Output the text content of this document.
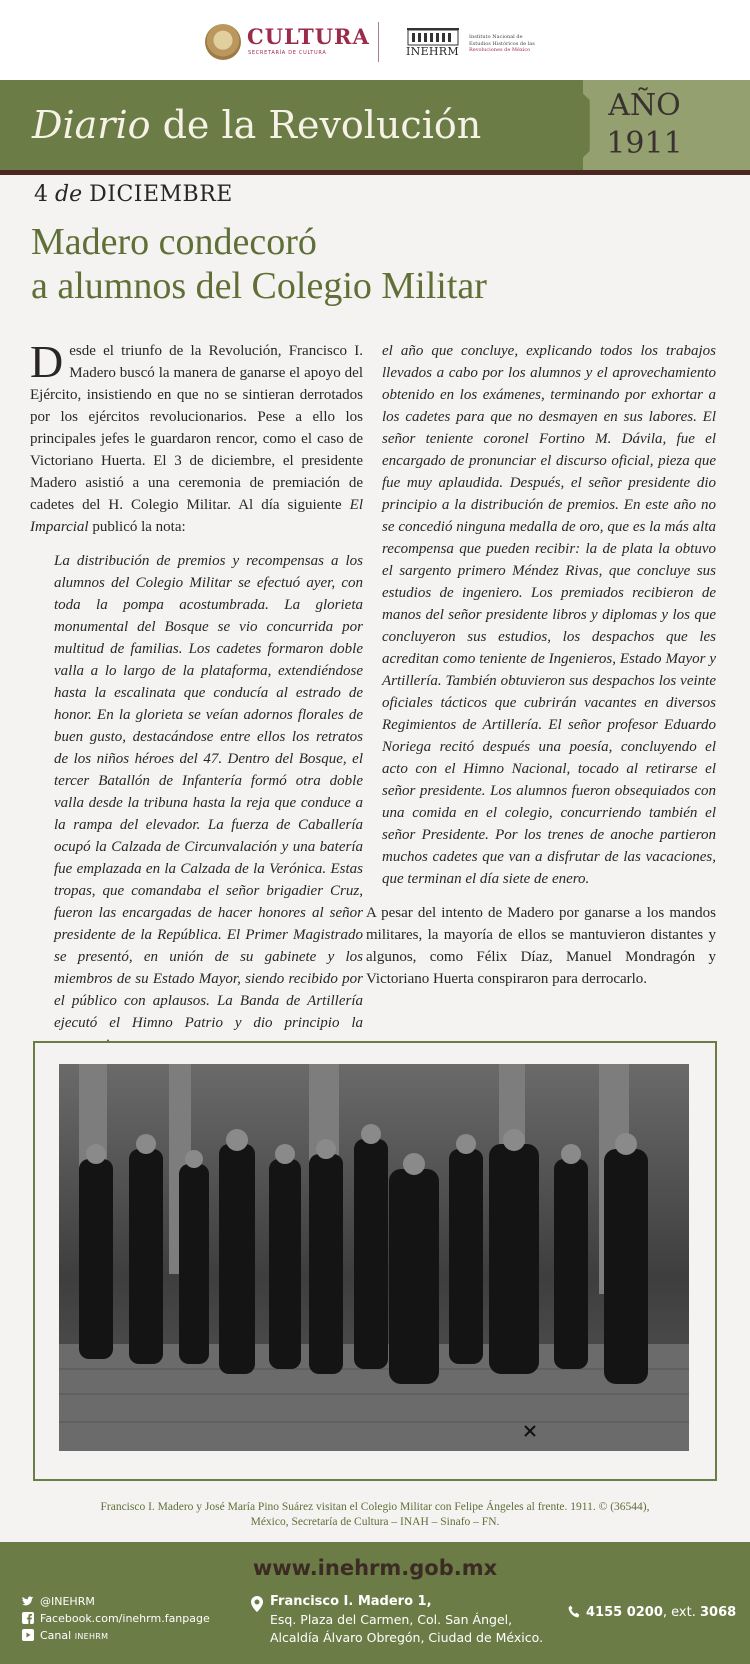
CULTURA
SECRETARÍA DE CULTURA	INEHRM
Instituto Nacional de
Estudios Históricos de las
Revoluciones de México
Diario de la Revolución	AÑO
1911
4 de DICIEMBRE
Madero condecoró
a alumnos del Colegio Militar

Desde el triunfo de la Revolución, Francisco I. Madero buscó la manera de ganarse el apoyo del Ejército, insistiendo en que no se sintieran derrotados por los ejércitos revolucionarios. Pese a ello los principales jefes le guardaron rencor, como el caso de Victoriano Huerta. El 3 de diciembre, el presidente Madero asistió a una ceremonia de premiación de cadetes del H. Colegio Militar. Al día siguiente El Imparcial publicó la nota:

La distribución de premios y recompensas a los alumnos del Colegio Militar se efectuó ayer, con toda la pompa acostumbrada. La glorieta monumental del Bosque se vio concurrida por multitud de familias. Los cadetes formaron doble valla a lo largo de la plataforma, extendiéndose hasta la escalinata que conducía al estrado de honor. En la glorieta se veían adornos florales de buen gusto, destacándose entre ellos los retratos de los niños héroes del 47. Dentro del Bosque, el tercer Batallón de Infantería formó otra doble valla desde la tribuna hasta la reja que conduce a la rampa del elevador. La fuerza de Caballería ocupó la Calzada de Circunvalación y una batería fue emplazada en la Calzada de la Verónica. Estas tropas, que comandaba el señor brigadier Cruz, fueron las encargadas de hacer honores al señor presidente de la República. El Primer Magistrado se presentó, en unión de su gabinete y los miembros de su Estado Mayor, siendo recibido por el público con aplausos. La Banda de Artillería ejecutó el Himno Patrio y dio principio la

el año que concluye, explicando todos los trabajos llevados a cabo por los alumnos y el aprovechamiento obtenido en los exámenes, terminando por exhortar a los cadetes para que no desmayen en sus labores. El señor teniente coronel Fortino M. Dávila, fue el encargado de pronunciar el discurso oficial, pieza que fue muy aplaudida. Después, el señor presidente dio principio a la distribución de premios. En este año no se concedió ninguna medalla de oro, que es la más alta recompensa que pueden recibir: la de plata la obtuvo el sargento primero Méndez Rivas, que concluye sus estudios de ingeniero. Los premiados recibieron de manos del señor presidente libros y diplomas y los que concluyeron sus estudios, los despachos que les acreditan como teniente de Ingenieros, Estado Mayor y Artillería. También obtuvieron sus despachos los veinte oficiales tácticos que cubrirán vacantes en diversos Regimientos de Artillería. El señor profesor Eduardo Noriega recitó después una poesía, concluyendo el acto con el Himno Nacional, tocado al retirarse el señor presidente. Los alumnos fueron obsequiados con una comida en el colegio, concurriendo también el señor Presidente. Por los trenes de anoche partieron muchos cadetes que van a disfrutar de las vacaciones, que terminan el día siete de enero.

A pesar del intento de Madero por ganarse a los mandos militares, la mayoría de ellos se mantuvieron distantes y algunos, como Félix Díaz, Manuel Mondragón y Victoriano Huerta conspiraron para derrocarlo.

Francisco I. Madero y José María Pino Suárez visitan el Colegio Militar con Felipe Ángeles al frente. 1911. © (36544),
México, Secretaría de Cultura – INAH – Sinafo – FN.
www.inehrm.gob.mx
@INEHRM
Facebook.com/inehrm.fanpage
Canal INEHRM
Francisco I. Madero 1,
Esq. Plaza del Carmen, Col. San Ángel,
Alcaldía Álvaro Obregón, Ciudad de México.
4155 0200, ext. 3068
